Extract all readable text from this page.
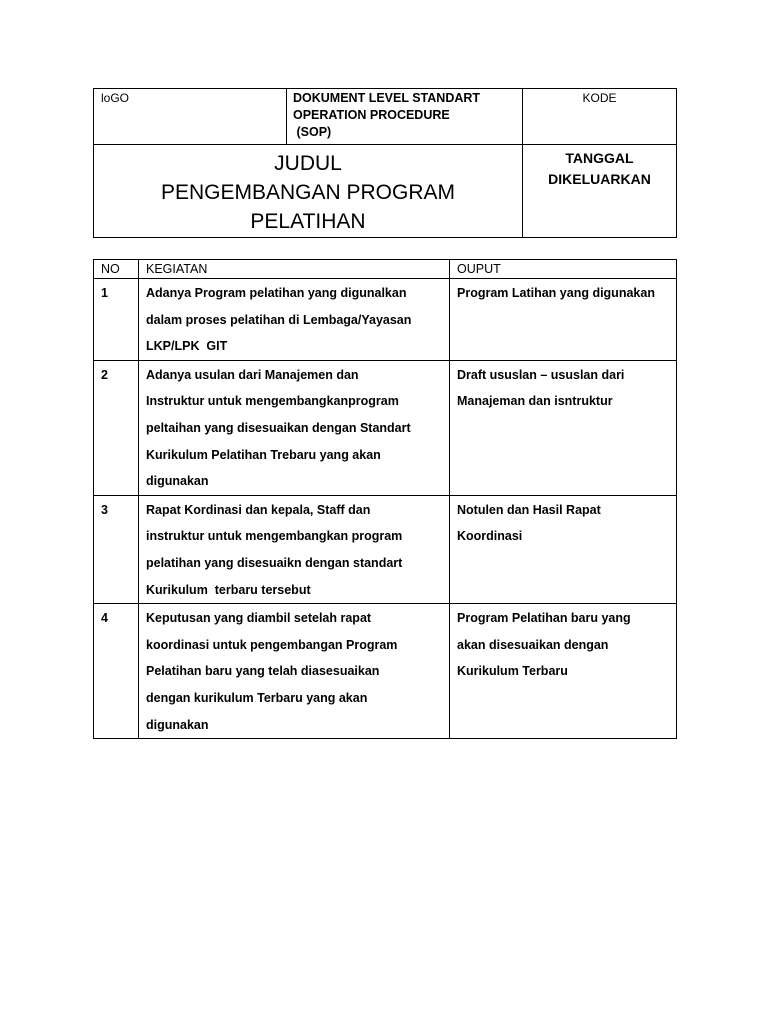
loGO	DOKUMENT LEVEL STANDART
OPERATION PROCEDURE
(SOP)	KODE

JUDUL
PENGEMBANGAN PROGRAM
PELATIHAN		TANGGAL
DIKELUARKAN
NO	KEGIATAN	OUPUT
1	Adanya Program pelatihan yang digunalkan
dalam proses pelatihan di Lembaga/Yayasan
LKP/LPK  GIT	Program Latihan yang digunakan

2	Adanya usulan dari Manajemen dan
Instruktur untuk mengembangkanprogram
peltaihan yang disesuaikan dengan Standart
Kurikulum Pelatihan Trebaru yang akan
digunakan	Draft ususlan – ususlan dari
Manajeman dan isntruktur

3	Rapat Kordinasi dan kepala, Staff dan
instruktur untuk mengembangkan program
pelatihan yang disesuaikn dengan standart
Kurikulum  terbaru tersebut	Notulen dan Hasil Rapat
Koordinasi

4	Keputusan yang diambil setelah rapat
koordinasi untuk pengembangan Program
Pelatihan baru yang telah diasesuaikan
dengan kurikulum Terbaru yang akan
digunakan	Program Pelatihan baru yang
akan disesuaikan dengan
Kurikulum Terbaru
